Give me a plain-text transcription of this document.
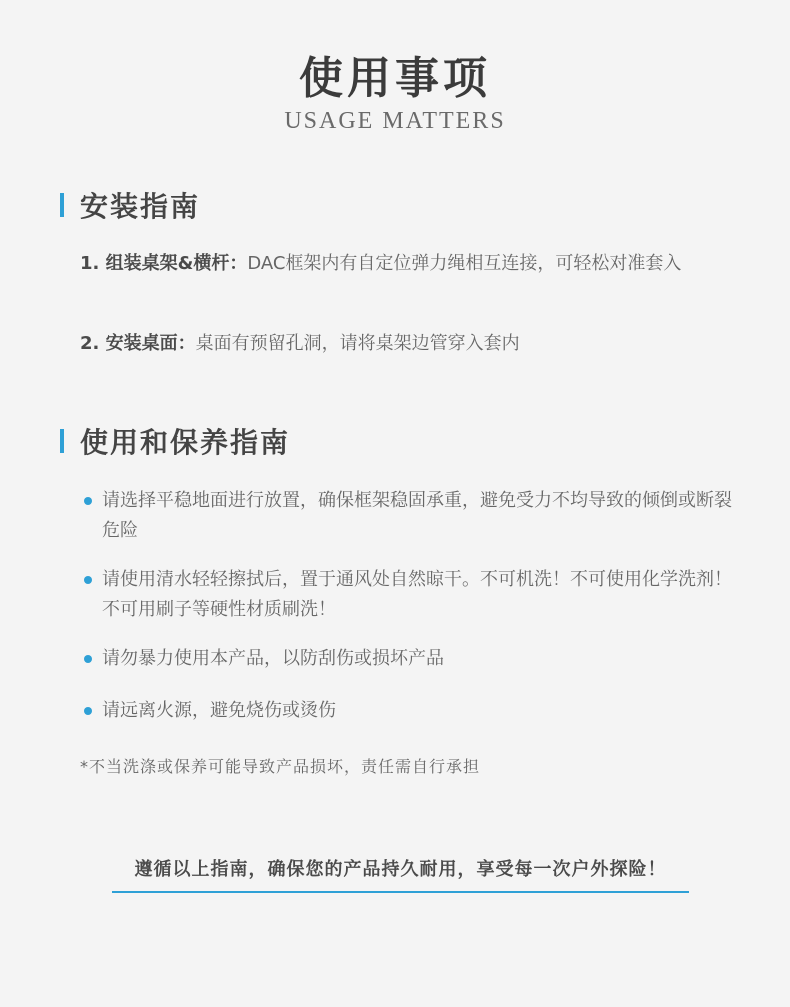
使用事项
USAGE MATTERS
安装指南
1. 组装桌架&横杆： DAC框架内有自定位弹力绳相互连接，可轻松对准套入
2. 安装桌面： 桌面有预留孔洞，请将桌架边管穿入套内
使用和保养指南
请选择平稳地面进行放置，确保框架稳固承重，避免受力不均导致的倾倒或断裂危险
请使用清水轻轻擦拭后，置于通风处自然晾干。不可机洗！不可使用化学洗剂！不可用刷子等硬性材质刷洗！
请勿暴力使用本产品，以防刮伤或损坏产品
请远离火源，避免烧伤或烫伤
*不当洗涤或保养可能导致产品损坏，责任需自行承担
遵循以上指南，确保您的产品持久耐用，享受每一次户外探险！
